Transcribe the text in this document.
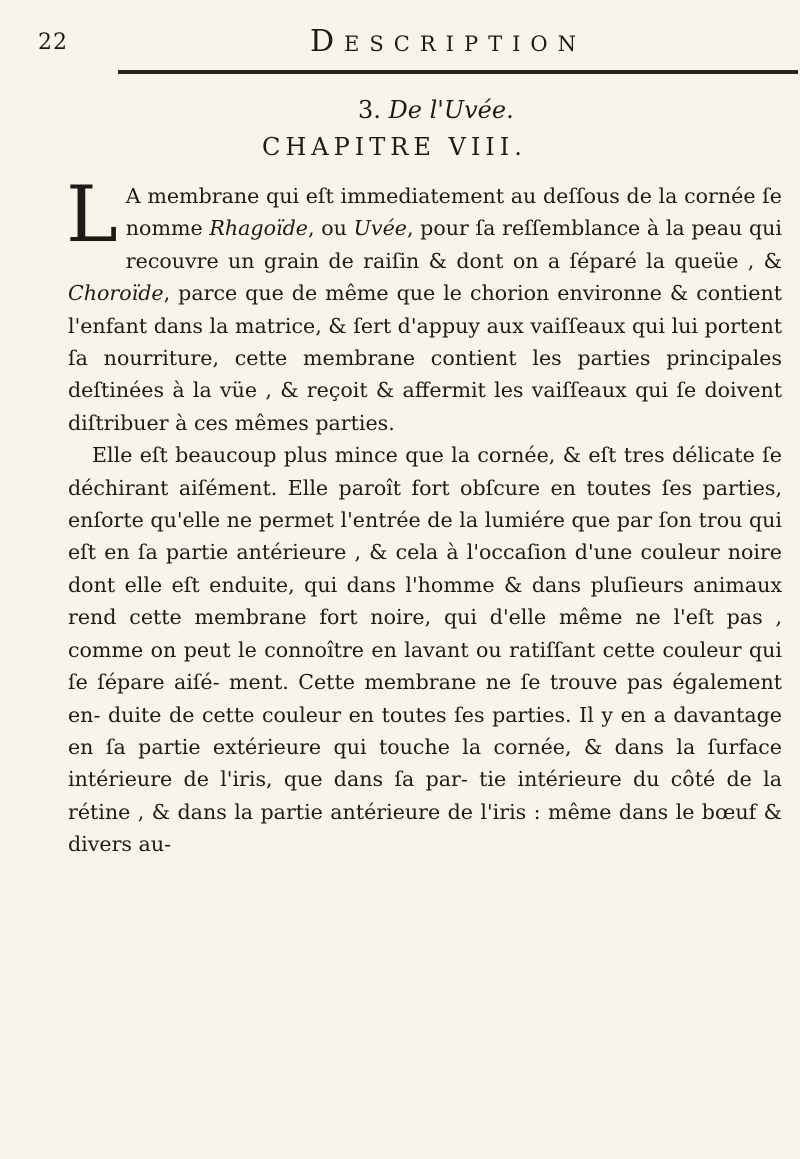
22	Description
3. De l'Uvée.
CHAPITRE VIII.

L A membrane qui eſt immediatement au deſſous de la cornée ſe nomme Rhagoïde, ou Uvée, pour ſa reſſemblance à la peau qui recouvre un grain de raiſin & dont on a ſéparé la queüe , & Choroïde, parce que de même que le chorion environne & contient l'enfant dans la matrice, & ſert d'appuy aux vaiſſeaux qui lui portent ſa nourriture, cette membrane contient les parties principales deſtinées à la vüe , & reçoit & affermit les vaiſſeaux qui ſe doivent diſtribuer à ces mêmes parties.

Elle eſt beaucoup plus mince que la cornée, & eſt tres délicate ſe déchirant aiſément. Elle paroît fort obſcure en toutes ſes parties, enſorte qu'elle ne permet l'entrée de la lumiére que par ſon trou qui eſt en ſa partie antérieure , & cela à l'occaſion d'une couleur noire dont elle eſt enduite, qui dans l'homme & dans pluſieurs animaux rend cette membrane fort noire, qui d'elle même ne l'eſt pas , comme on peut le connoître en lavant ou ratiſſant cette couleur qui ſe ſépare aiſé- ment. Cette membrane ne ſe trouve pas également en- duite de cette couleur en toutes ſes parties. Il y en a davantage en ſa partie extérieure qui touche la cornée, & dans la ſurface intérieure de l'iris, que dans ſa par- tie intérieure du côté de la rétine , & dans la partie antérieure de l'iris : même dans le bœuf & divers au-
